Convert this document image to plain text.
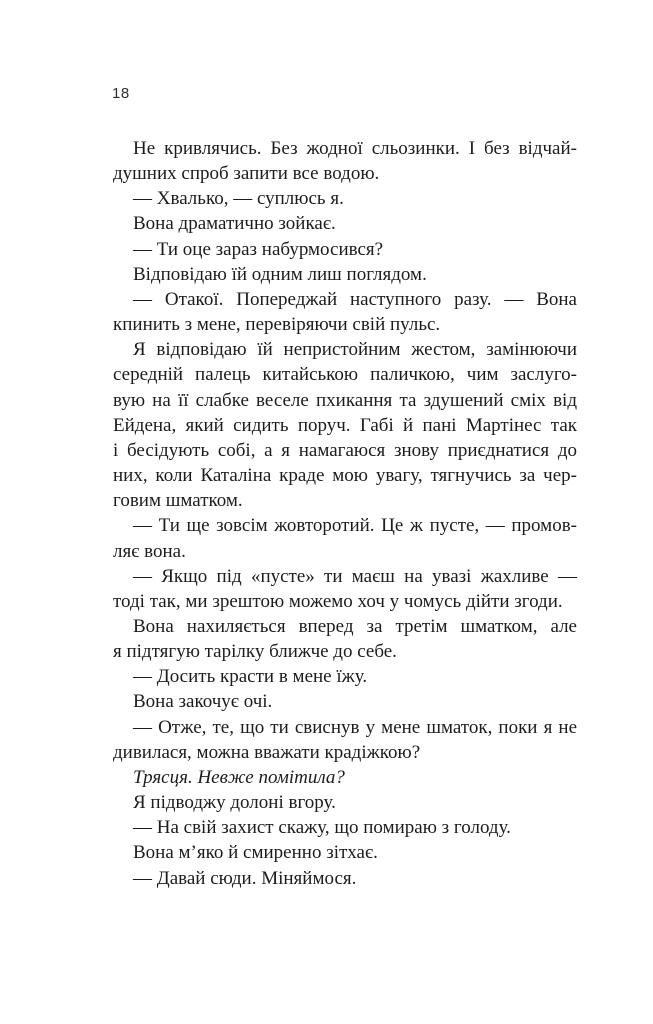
18
Не кривлячись. Без жодної сльозинки. І без відчай-
душних спроб запити все водою.
— Хвалько, — суплюсь я.
Вона драматично зойкає.
— Ти оце зараз набурмосився?
Відповідаю їй одним лиш поглядом.
— Отакої. Попереджай наступного разу. — Вона
кпинить з мене, перевіряючи свій пульс.
Я відповідаю їй непристойним жестом, замінюючи
середній палець китайською паличкою, чим заслуго-
вую на її слабке веселе пхикання та здушений сміх від
Ейдена, який сидить поруч. Габі й пані Мартінес так
і бесідують собі, а я намагаюся знову приєднатися до
них, коли Каталіна краде мою увагу, тягнучись за чер-
говим шматком.
— Ти ще зовсім жовторотий. Це ж пусте, — промов-
ляє вона.
— Якщо під «пусте» ти маєш на увазі жахливе —
тоді так, ми зрештою можемо хоч у чомусь дійти згоди.
Вона нахиляється вперед за третім шматком, але
я підтягую тарілку ближче до себе.
— Досить красти в мене їжу.
Вона закочує очі.
— Отже, те, що ти свиснув у мене шматок, поки я не
дивилася, можна вважати крадіжкою?
Трясця. Невже помітила?
Я підводжу долоні вгору.
— На свій захист скажу, що помираю з голоду.
Вона м’яко й смиренно зітхає.
— Давай сюди. Міняймося.
